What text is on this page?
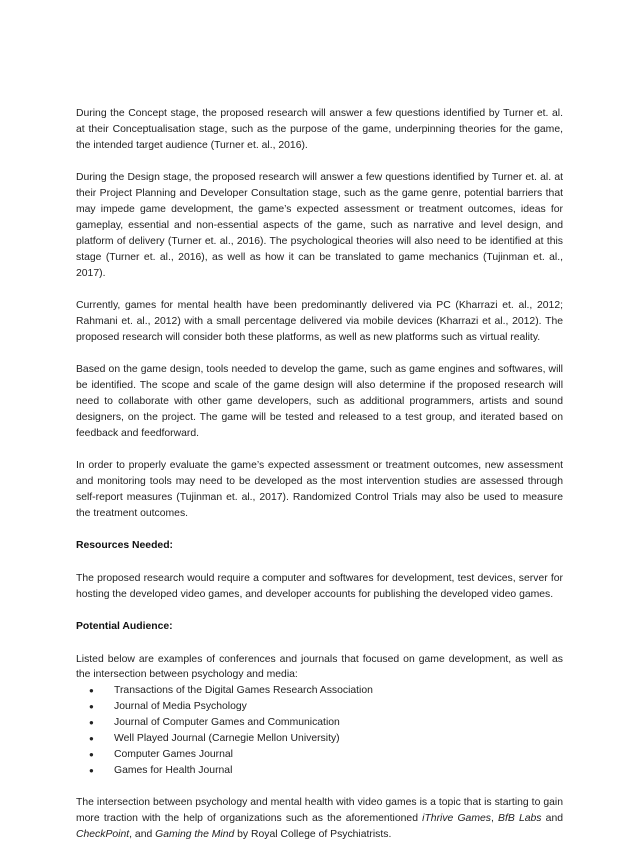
During the Concept stage, the proposed research will answer a few questions identified by Turner et. al. at their Conceptualisation stage, such as the purpose of the game, underpinning theories for the game, the intended target audience (Turner et. al., 2016).

During the Design stage, the proposed research will answer a few questions identified by Turner et. al. at their Project Planning and Developer Consultation stage, such as the game genre, potential barriers that may impede game development, the game’s expected assessment or treatment outcomes, ideas for gameplay, essential and non-essential aspects of the game, such as narrative and level design, and platform of delivery (Turner et. al., 2016). The psychological theories will also need to be identified at this stage (Turner et. al., 2016), as well as how it can be translated to game mechanics (Tujinman et. al., 2017).

Currently, games for mental health have been predominantly delivered via PC (Kharrazi et. al., 2012; Rahmani et. al., 2012) with a small percentage delivered via mobile devices (Kharrazi et al., 2012). The proposed research will consider both these platforms, as well as new platforms such as virtual reality.

Based on the game design, tools needed to develop the game, such as game engines and softwares, will be identified. The scope and scale of the game design will also determine if the proposed research will need to collaborate with other game developers, such as additional programmers, artists and sound designers, on the project. The game will be tested and released to a test group, and iterated based on feedback and feedforward.

In order to properly evaluate the game’s expected assessment or treatment outcomes, new assessment and monitoring tools may need to be developed as the most intervention studies are assessed through self-report measures (Tujinman et. al., 2017). Randomized Control Trials may also be used to measure the treatment outcomes.

Resources Needed:

The proposed research would require a computer and softwares for development, test devices, server for hosting the developed video games, and developer accounts for publishing the developed video games.

Potential Audience:

Listed below are examples of conferences and journals that focused on game development, as well as the intersection between psychology and media:

● Transactions of the Digital Games Research Association
● Journal of Media Psychology
● Journal of Computer Games and Communication
● Well Played Journal (Carnegie Mellon University)
● Computer Games Journal
● Games for Health Journal

The intersection between psychology and mental health with video games is a topic that is starting to gain more traction with the help of organizations such as the aforementioned iThrive Games, BfB Labs and CheckPoint, and Gaming the Mind by Royal College of Psychiatrists.
